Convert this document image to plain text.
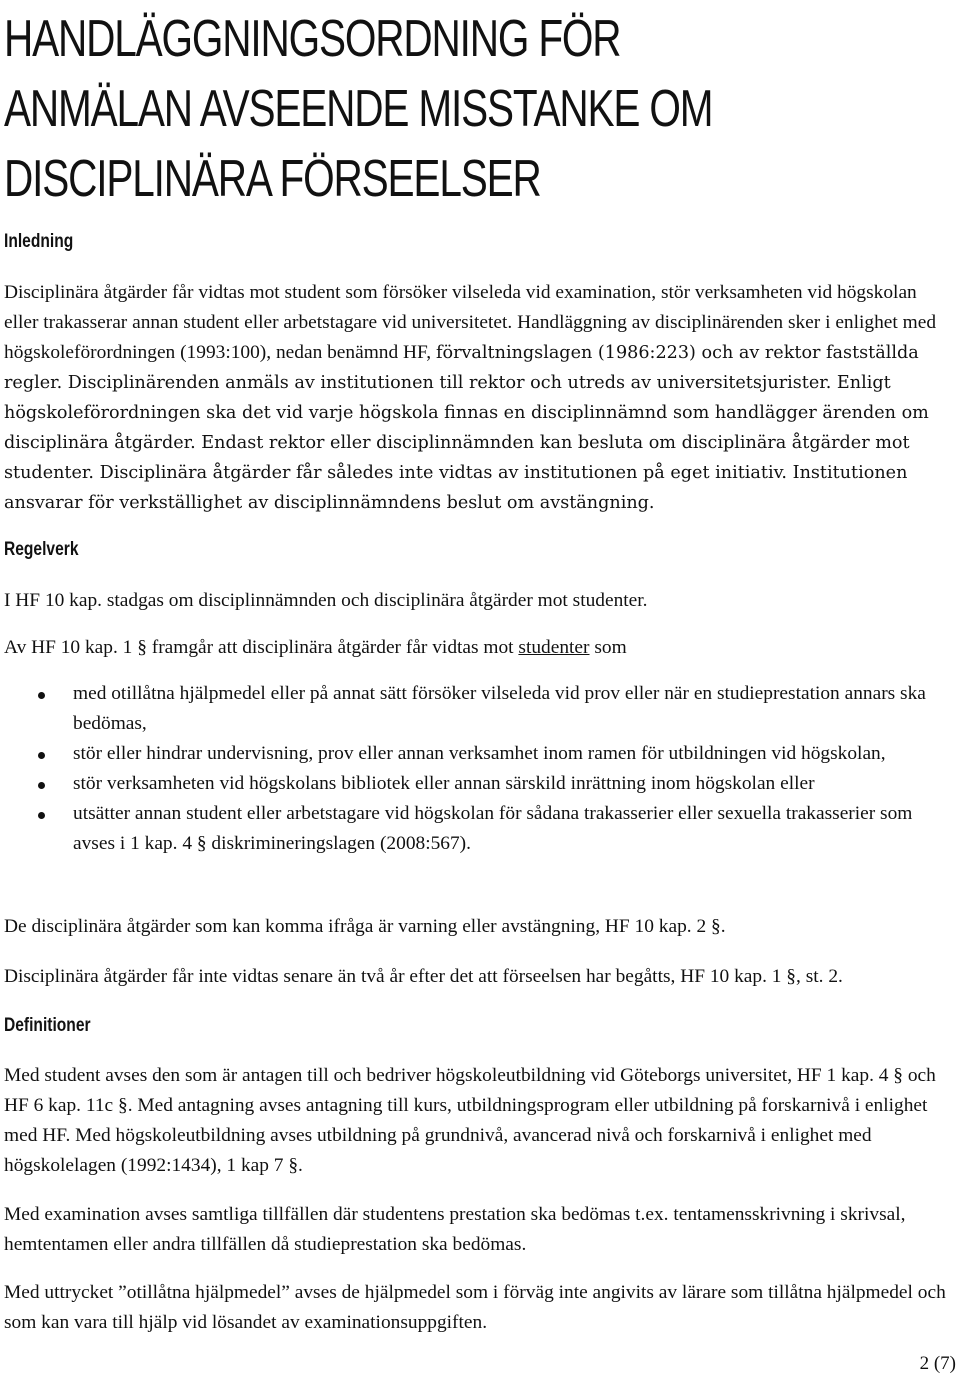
HANDLÄGGNINGSORDNING FÖR
ANMÄLAN AVSEENDE MISSTANKE OM
DISCIPLINÄRA FÖRSEELSER
Inledning

Disciplinära åtgärder får vidtas mot student som försöker vilseleda vid examination, stör verksamheten vid högskolan eller trakasserar annan student eller arbetstagare vid universitetet. Handläggning av disciplinärenden sker i enlighet med högskoleförordningen (1993:100), nedan benämnd HF, förvaltningslagen (1986:223) och av rektor fastställda regler. Disciplinärenden anmäls av institutionen till rektor och utreds av universitetsjurister. Enligt högskoleförordningen ska det vid varje högskola finnas en disciplinnämnd som handlägger ärenden om disciplinära åtgärder. Endast rektor eller disciplinnämnden kan besluta om disciplinära åtgärder mot studenter. Disciplinära åtgärder får således inte vidtas av institutionen på eget initiativ. Institutionen ansvarar för verkställighet av disciplinnämndens beslut om avstängning.

Regelverk

I HF 10 kap. stadgas om disciplinnämnden och disciplinära åtgärder mot studenter.

Av HF 10 kap. 1 § framgår att disciplinära åtgärder får vidtas mot studenter som

med otillåtna hjälpmedel eller på annat sätt försöker vilseleda vid prov eller när en studieprestation annars ska bedömas,
stör eller hindrar undervisning, prov eller annan verksamhet inom ramen för utbildningen vid högskolan,
stör verksamheten vid högskolans bibliotek eller annan särskild inrättning inom högskolan eller
utsätter annan student eller arbetstagare vid högskolan för sådana trakasserier eller sexuella trakasserier som avses i 1 kap. 4 § diskrimineringslagen (2008:567).

De disciplinära åtgärder som kan komma ifråga är varning eller avstängning, HF 10 kap. 2 §.

Disciplinära åtgärder får inte vidtas senare än två år efter det att förseelsen har begåtts, HF 10 kap. 1 §, st. 2.

Definitioner

Med student avses den som är antagen till och bedriver högskoleutbildning vid Göteborgs universitet, HF 1 kap. 4 § och HF 6 kap. 11c §. Med antagning avses antagning till kurs, utbildningsprogram eller utbildning på forskarnivå i enlighet med HF. Med högskoleutbildning avses utbildning på grundnivå, avancerad nivå och forskarnivå i enlighet med högskolelagen (1992:1434), 1 kap 7 §.

Med examination avses samtliga tillfällen där studentens prestation ska bedömas t.ex. tentamensskrivning i skrivsal, hemtentamen eller andra tillfällen då studieprestation ska bedömas.

Med uttrycket ”otillåtna hjälpmedel” avses de hjälpmedel som i förväg inte angivits av lärare som tillåtna hjälpmedel och som kan vara till hjälp vid lösandet av examinationsuppgiften.

2 (7)
